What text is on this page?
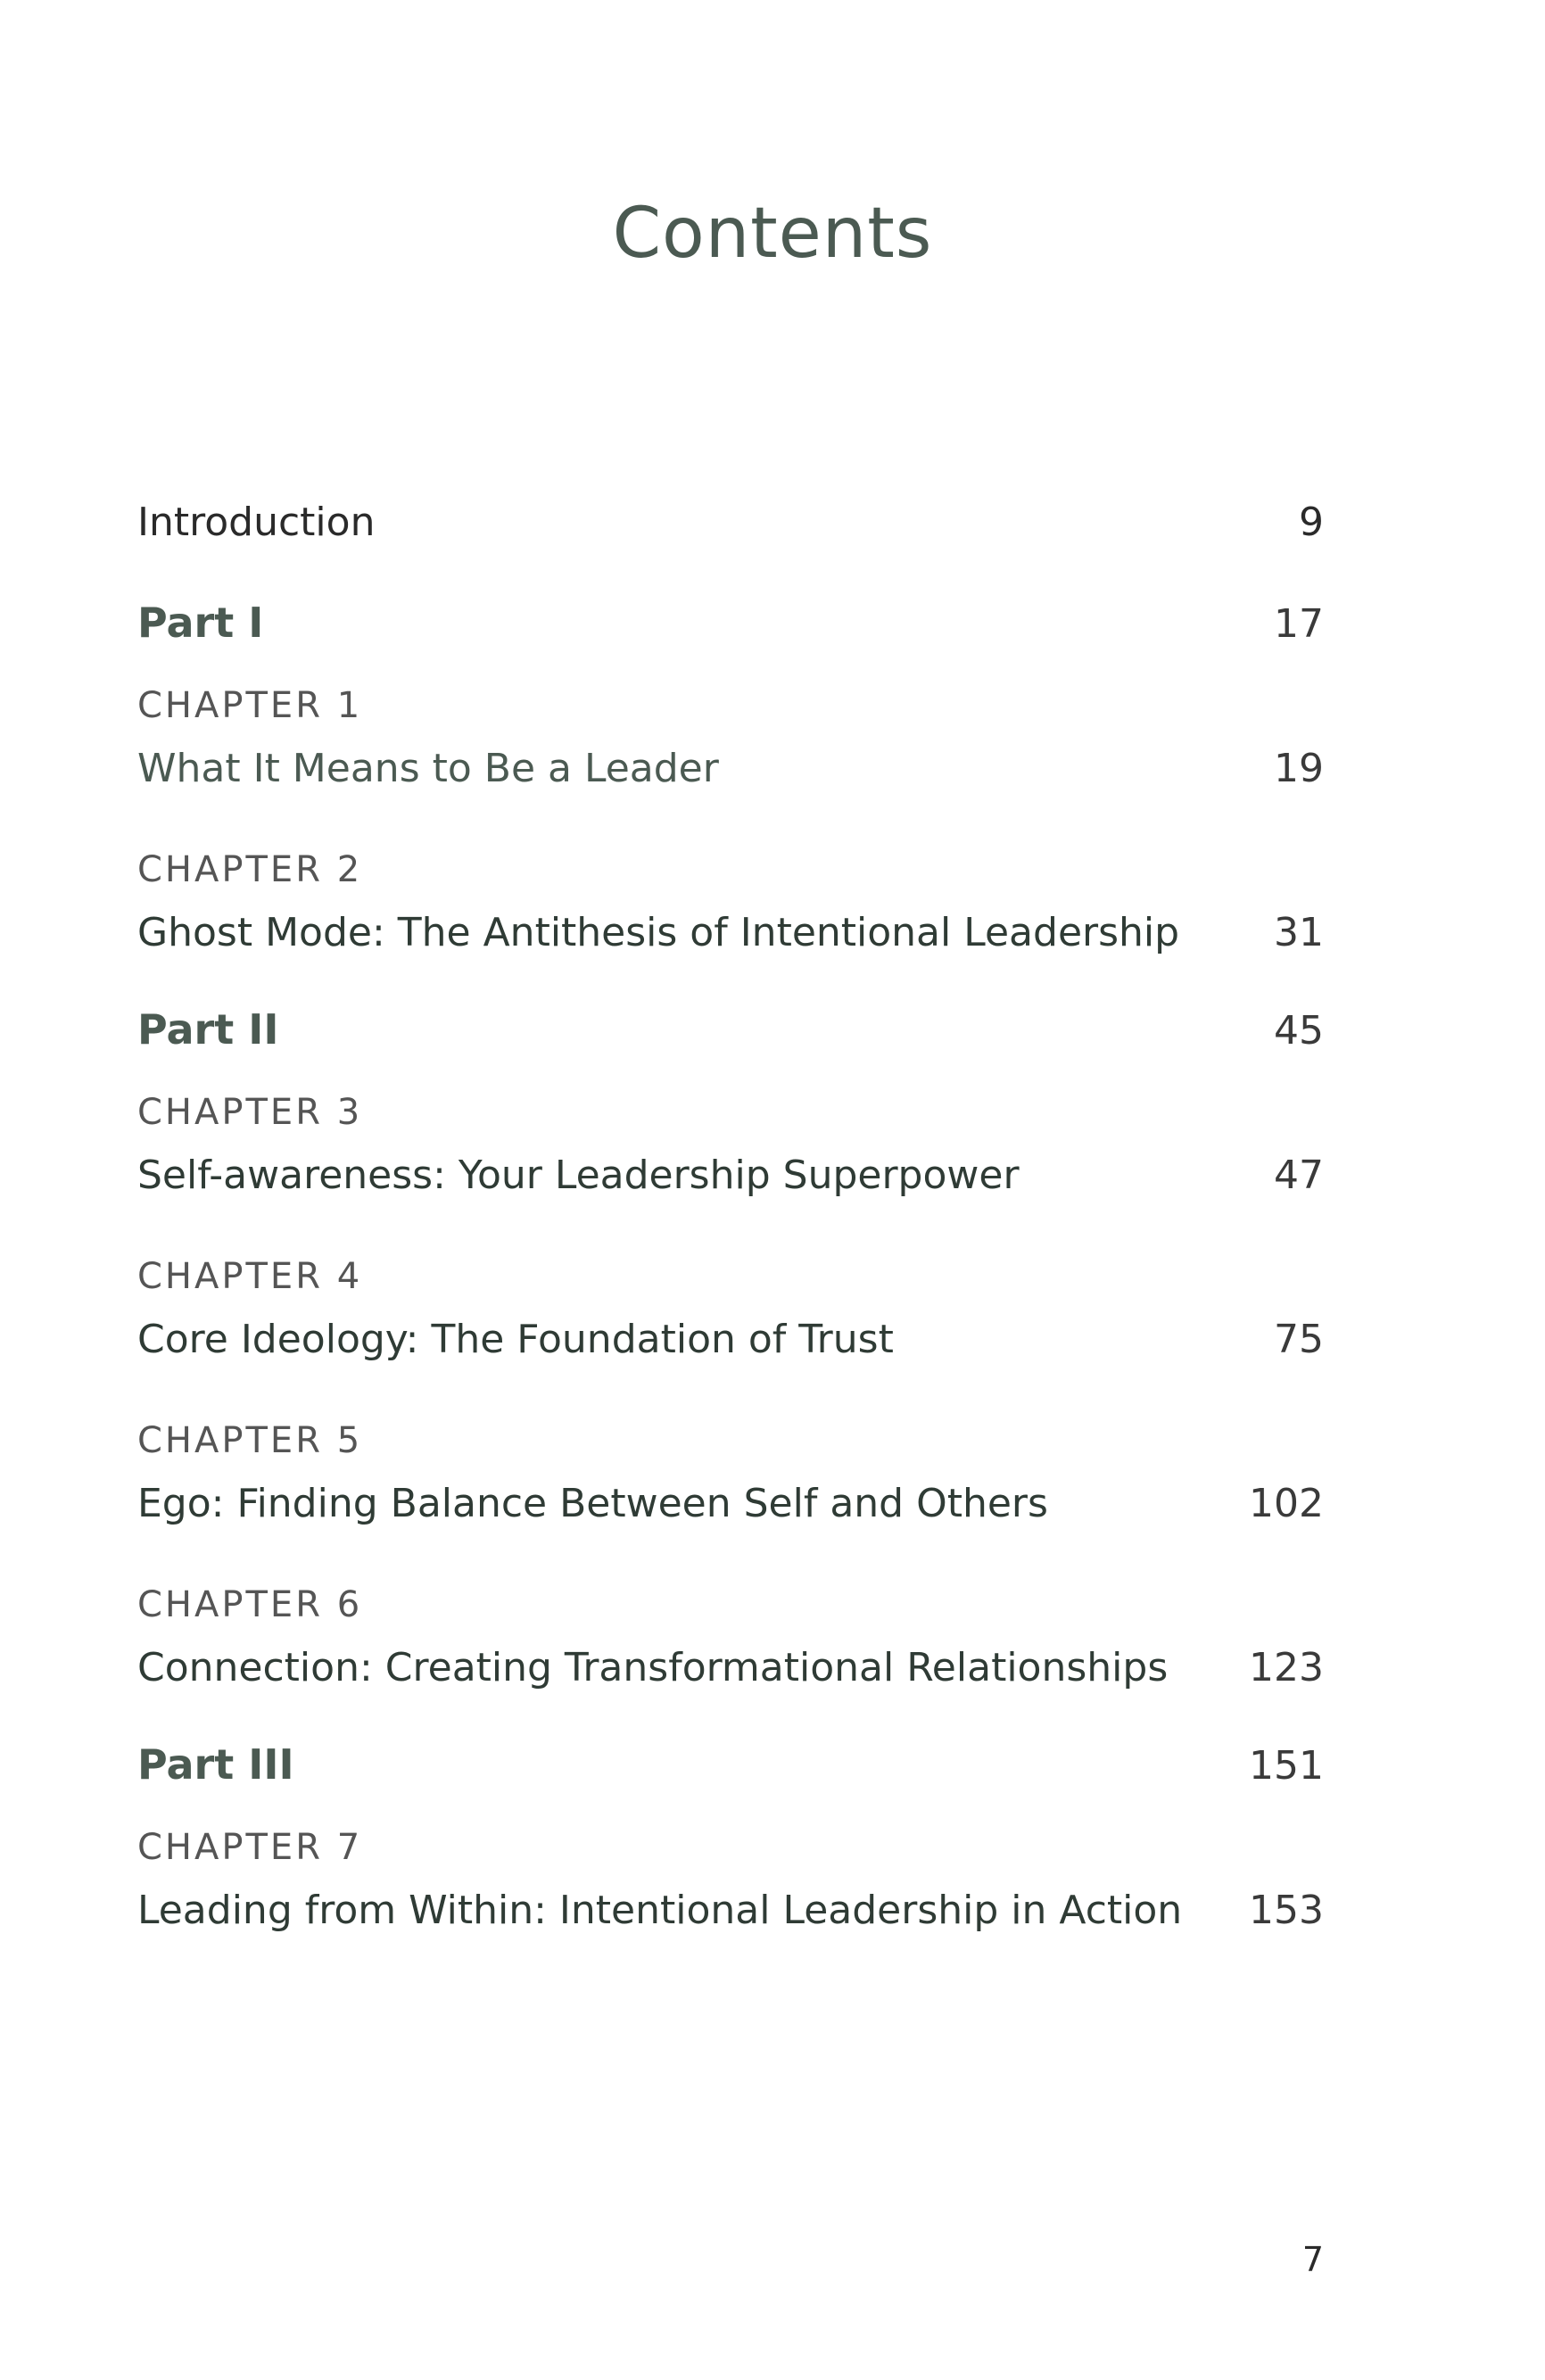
Contents
Introduction	9
Part I	17
CHAPTER 1
What It Means to Be a Leader	19
CHAPTER 2
Ghost Mode: The Antithesis of Intentional Leadership 31
Part II	45
CHAPTER 3
Self-awareness: Your Leadership Superpower	47
CHAPTER 4
Core Ideology: The Foundation of Trust	75
CHAPTER 5
Ego: Finding Balance Between Self and Others	102
CHAPTER 6
Connection: Creating Transformational Relationships 123
Part III	151
CHAPTER 7
Leading from Within: Intentional Leadership in Action 153
7
